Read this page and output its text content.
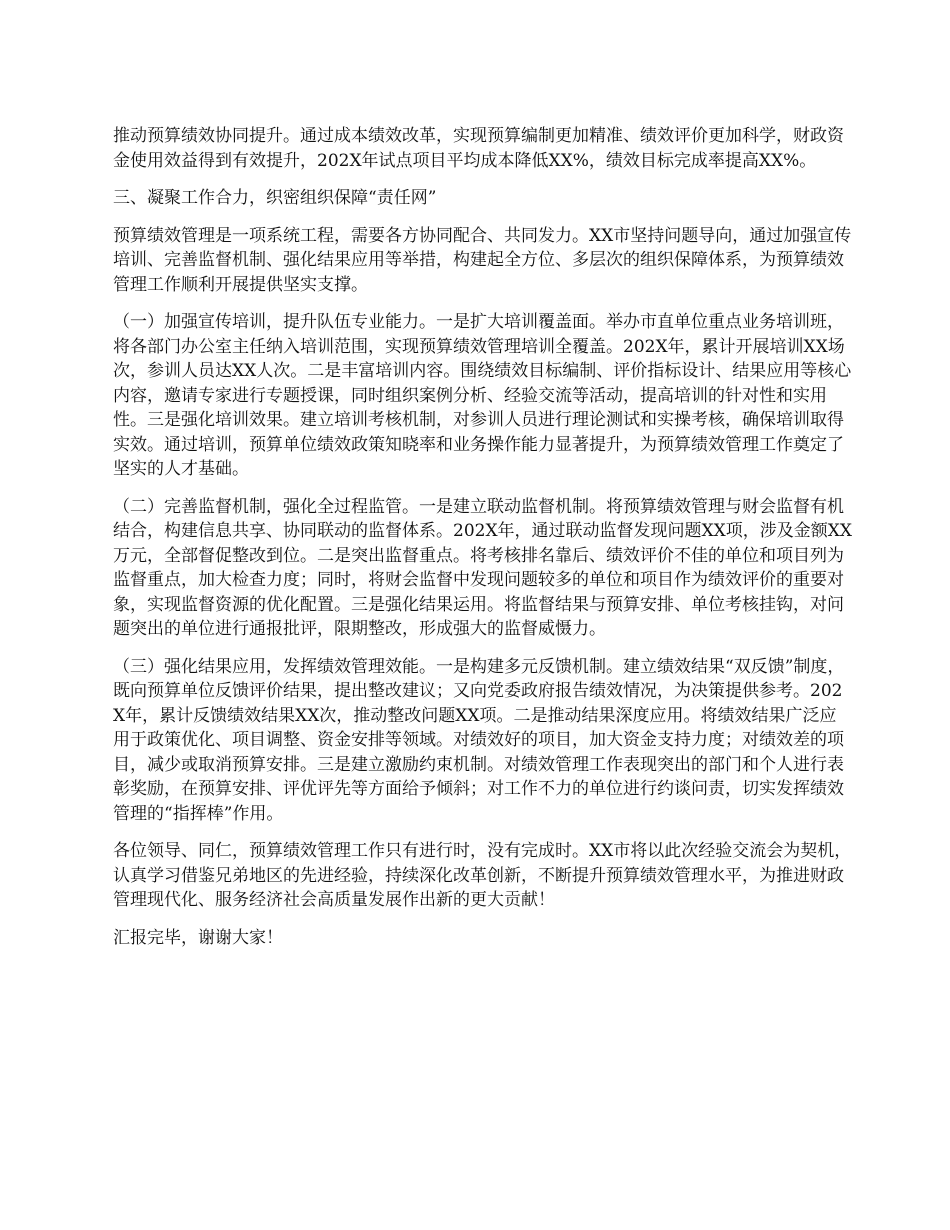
推动预算绩效协同提升。通过成本绩效改革，实现预算编制更加精准、绩效评价更加科学，财政资金使用效益得到有效提升，202X年试点项目平均成本降低XX%，绩效目标完成率提高XX%。

三、凝聚工作合力，织密组织保障“责任网”

预算绩效管理是一项系统工程，需要各方协同配合、共同发力。XX市坚持问题导向，通过加强宣传培训、完善监督机制、强化结果应用等举措，构建起全方位、多层次的组织保障体系，为预算绩效管理工作顺利开展提供坚实支撑。

（一）加强宣传培训，提升队伍专业能力。一是扩大培训覆盖面。举办市直单位重点业务培训班，将各部门办公室主任纳入培训范围，实现预算绩效管理培训全覆盖。202X年，累计开展培训XX场次，参训人员达XX人次。二是丰富培训内容。围绕绩效目标编制、评价指标设计、结果应用等核心内容，邀请专家进行专题授课，同时组织案例分析、经验交流等活动，提高培训的针对性和实用性。三是强化培训效果。建立培训考核机制，对参训人员进行理论测试和实操考核，确保培训取得实效。通过培训，预算单位绩效政策知晓率和业务操作能力显著提升，为预算绩效管理工作奠定了坚实的人才基础。

（二）完善监督机制，强化全过程监管。一是建立联动监督机制。将预算绩效管理与财会监督有机结合，构建信息共享、协同联动的监督体系。202X年，通过联动监督发现问题XX项，涉及金额XX万元，全部督促整改到位。二是突出监督重点。将考核排名靠后、绩效评价不佳的单位和项目列为监督重点，加大检查力度；同时，将财会监督中发现问题较多的单位和项目作为绩效评价的重要对象，实现监督资源的优化配置。三是强化结果运用。将监督结果与预算安排、单位考核挂钩，对问题突出的单位进行通报批评，限期整改，形成强大的监督威慑力。

（三）强化结果应用，发挥绩效管理效能。一是构建多元反馈机制。建立绩效结果“双反馈”制度，既向预算单位反馈评价结果，提出整改建议；又向党委政府报告绩效情况，为决策提供参考。202X年，累计反馈绩效结果XX次，推动整改问题XX项。二是推动结果深度应用。将绩效结果广泛应用于政策优化、项目调整、资金安排等领域。对绩效好的项目，加大资金支持力度；对绩效差的项目，减少或取消预算安排。三是建立激励约束机制。对绩效管理工作表现突出的部门和个人进行表彰奖励，在预算安排、评优评先等方面给予倾斜；对工作不力的单位进行约谈问责，切实发挥绩效管理的“指挥棒”作用。

各位领导、同仁，预算绩效管理工作只有进行时，没有完成时。XX市将以此次经验交流会为契机，认真学习借鉴兄弟地区的先进经验，持续深化改革创新，不断提升预算绩效管理水平，为推进财政管理现代化、服务经济社会高质量发展作出新的更大贡献！

汇报完毕，谢谢大家！
